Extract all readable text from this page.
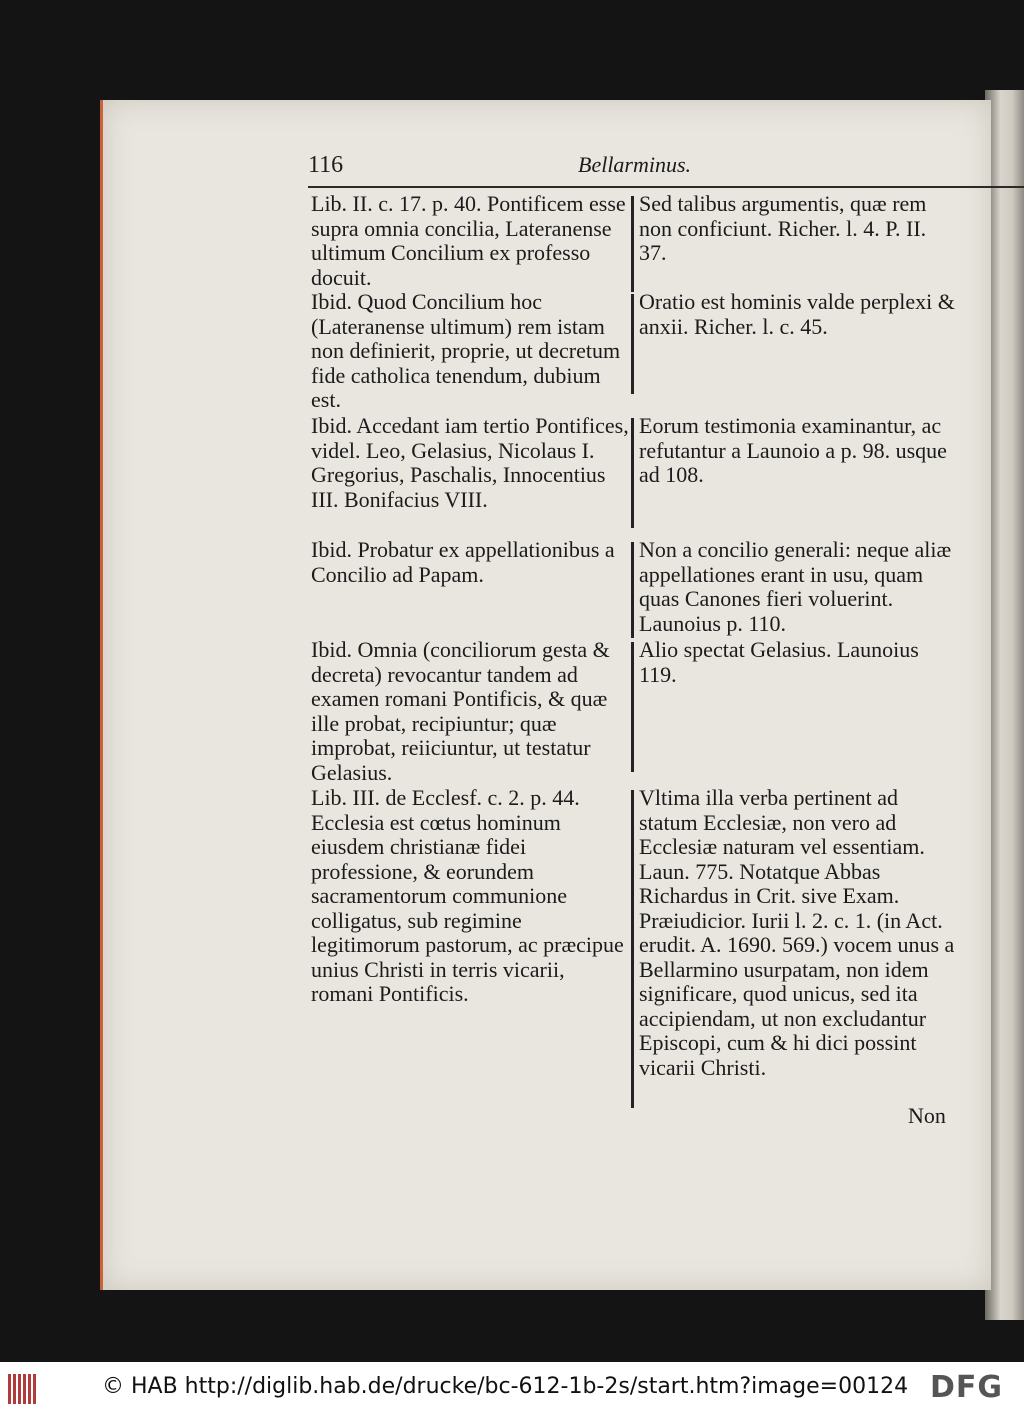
116	Bellarminus.
Lib. II. c. 17. p. 40. Pontificem esse supra omnia concilia, Lateranense ultimum Concilium ex professo docuit.
Sed talibus argumentis, quæ rem non conficiunt. Richer. l. 4. P. II. 37.
Ibid. Quod Concilium hoc (Lateranense ultimum) rem istam non definierit, proprie, ut decretum fide catholica tenendum, dubium est.
Oratio est hominis valde perplexi & anxii. Richer. l. c. 45.
Ibid. Accedant iam tertio Pontifices, videl. Leo, Gelasius, Nicolaus I. Gregorius, Paschalis, Innocentius III. Bonifacius VIII.
Eorum testimonia examinantur, ac refutantur a Launoio a p. 98. usque ad 108.
Ibid. Probatur ex appellationibus a Concilio ad Papam.
Non a concilio generali: neque aliæ appellationes erant in usu, quam quas Canones fieri voluerint. Launoius p. 110.
Ibid. Omnia (conciliorum gesta & decreta) revocantur tandem ad examen romani Pontificis, & quæ ille probat, recipiuntur; quæ improbat, reiiciuntur, ut testatur Gelasius.
Alio spectat Gelasius. Launoius 119.
Lib. III. de Ecclesf. c. 2. p. 44. Ecclesia est cœtus hominum eiusdem christianæ fidei professione, & eorundem sacramentorum communione colligatus, sub regimine legitimorum pastorum, ac præcipue unius Christi in terris vicarii, romani Pontificis.
Vltima illa verba pertinent ad statum Ecclesiæ, non vero ad Ecclesiæ naturam vel essentiam. Laun. 775. Notatque Abbas Richardus in Crit. sive Exam. Præiudicior. Iurii l. 2. c. 1. (in Act. erudit. A. 1690. 569.) vocem unus a Bellarmino usurpatam, non idem significare, quod unicus, sed ita accipiendam, ut non excludantur Episcopi, cum & hi dici possint vicarii Christi.
Non
© HAB http://diglib.hab.de/drucke/bc-612-1b-2s/start.htm?image=00124 DFG
